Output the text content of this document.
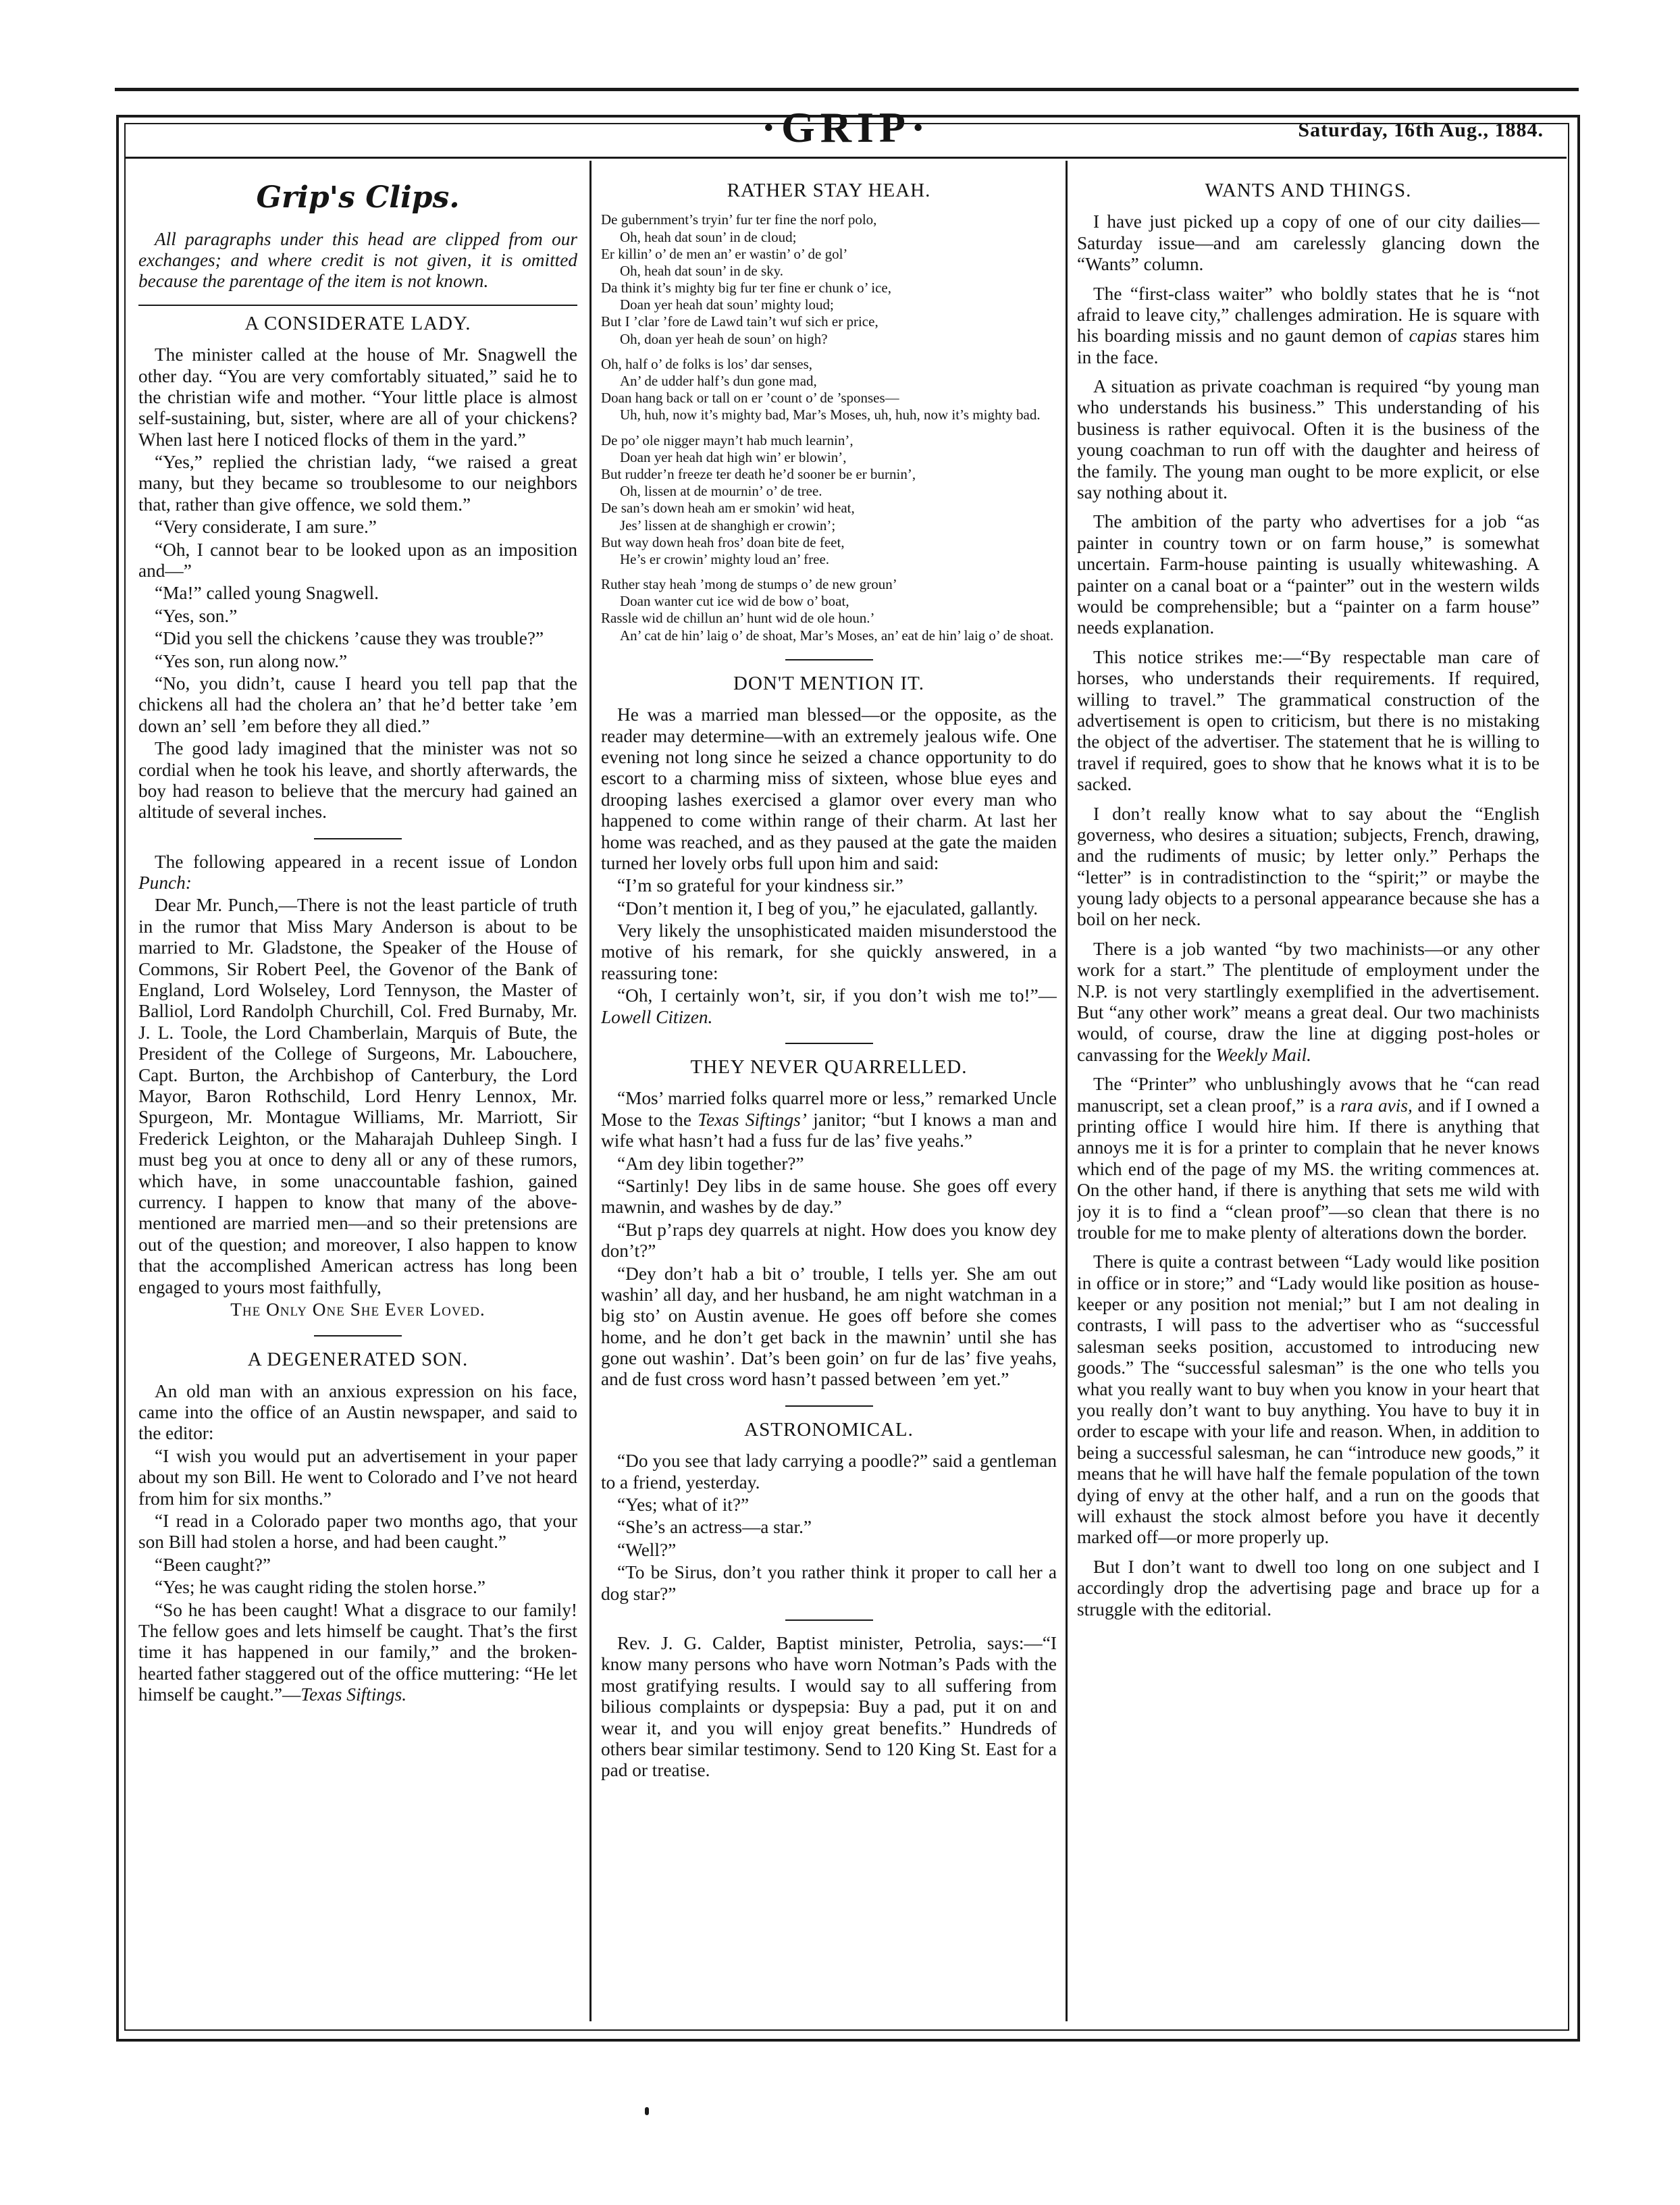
·GRIP·	Saturday, 16th Aug., 1884.
Grip's Clips.

All paragraphs under this head are clipped from our exchanges; and where credit is not given, it is omitted because the parentage of the item is not known.

A CONSIDERATE LADY.

The minister called at the house of Mr. Snagwell the other day. “You are very comfortably situated,” said he to the christian wife and mother. “Your little place is almost self-sustaining, but, sister, where are all of your chickens? When last here I noticed flocks of them in the yard.”

“Yes,” replied the christian lady, “we raised a great many, but they became so troublesome to our neighbors that, rather than give offence, we sold them.”

“Very considerate, I am sure.”

“Oh, I cannot bear to be looked upon as an imposition and—”

“Ma!” called young Snagwell.

“Yes, son.”

“Did you sell the chickens ’cause they was trouble?”

“Yes son, run along now.”

“No, you didn’t, cause I heard you tell pap that the chickens all had the cholera an’ that he’d better take ’em down an’ sell ’em before they all died.”

The good lady imagined that the minister was not so cordial when he took his leave, and shortly afterwards, the boy had reason to believe that the mercury had gained an altitude of several inches.

The following appeared in a recent issue of London Punch:

Dear Mr. Punch,—There is not the least particle of truth in the rumor that Miss Mary Anderson is about to be married to Mr. Gladstone, the Speaker of the House of Commons, Sir Robert Peel, the Govenor of the Bank of England, Lord Wolseley, Lord Tennyson, the Master of Balliol, Lord Randolph Churchill, Col. Fred Burnaby, Mr. J. L. Toole, the Lord Chamberlain, Marquis of Bute, the President of the College of Surgeons, Mr. Labouchere, Capt. Burton, the Archbishop of Canterbury, the Lord Mayor, Baron Rothschild, Lord Henry Lennox, Mr. Spurgeon, Mr. Montague Williams, Mr. Marriott, Sir Frederick Leighton, or the Maharajah Duhleep Singh. I must beg you at once to deny all or any of these rumors, which have, in some unaccountable fashion, gained currency. I happen to know that many of the above-mentioned are married men—and so their pretensions are out of the question; and moreover, I also happen to know that the accomplished American actress has long been engaged to yours most faithfully,

The Only One She Ever Loved.

A DEGENERATED SON.

An old man with an anxious expression on his face, came into the office of an Austin newspaper, and said to the editor:

“I wish you would put an advertisement in your paper about my son Bill. He went to Colorado and I’ve not heard from him for six months.”

“I read in a Colorado paper two months ago, that your son Bill had stolen a horse, and had been caught.”

“Been caught?”

“Yes; he was caught riding the stolen horse.”

“So he has been caught! What a disgrace to our family! The fellow goes and lets himself be caught. That’s the first time it has happened in our family,” and the broken-hearted father staggered out of the office muttering: “He let himself be caught.”—Texas Siftings.

RATHER STAY HEAH.
De gubernment’s tryin’ fur ter fine the norf polo,
Oh, heah dat soun’ in de cloud;
Er killin’ o’ de men an’ er wastin’ o’ de gol’
Oh, heah dat soun’ in de sky.
Da think it’s mighty big fur ter fine er chunk o’ ice,
Doan yer heah dat soun’ mighty loud;
But I ’clar ’fore de Lawd tain’t wuf sich er price,
Oh, doan yer heah de soun’ on high?
Oh, half o’ de folks is los’ dar senses,
An’ de udder half’s dun gone mad,
Doan hang back or tall on er ’count o’ de ’sponses—
Uh, huh, now it’s mighty bad, Mar’s Moses, uh, huh, now it’s mighty bad.
De po’ ole nigger mayn’t hab much learnin’,
Doan yer heah dat high win’ er blowin’,
But rudder’n freeze ter death he’d sooner be er burnin’,
Oh, lissen at de mournin’ o’ de tree.
De san’s down heah am er smokin’ wid heat,
Jes’ lissen at de shanghigh er crowin’;
But way down heah fros’ doan bite de feet,
He’s er crowin’ mighty loud an’ free.
Ruther stay heah ’mong de stumps o’ de new groun’
Doan wanter cut ice wid de bow o’ boat,
Rassle wid de chillun an’ hunt wid de ole houn.’
An’ cat de hin’ laig o’ de shoat, Mar’s Moses, an’ eat de hin’ laig o’ de shoat.
DON'T MENTION IT.

He was a married man blessed—or the opposite, as the reader may determine—with an extremely jealous wife. One evening not long since he seized a chance opportunity to do escort to a charming miss of sixteen, whose blue eyes and drooping lashes exercised a glamor over every man who happened to come within range of their charm. At last her home was reached, and as they paused at the gate the maiden turned her lovely orbs full upon him and said:

“I’m so grateful for your kindness sir.”

“Don’t mention it, I beg of you,” he ejaculated, gallantly.

Very likely the unsophisticated maiden misunderstood the motive of his remark, for she quickly answered, in a reassuring tone:

“Oh, I certainly won’t, sir, if you don’t wish me to!”—Lowell Citizen.

THEY NEVER QUARRELLED.

“Mos’ married folks quarrel more or less,” remarked Uncle Mose to the Texas Siftings’ janitor; “but I knows a man and wife what hasn’t had a fuss fur de las’ five yeahs.”

“Am dey libin together?”

“Sartinly! Dey libs in de same house. She goes off every mawnin, and washes by de day.”

“But p’raps dey quarrels at night. How does you know dey don’t?”

“Dey don’t hab a bit o’ trouble, I tells yer. She am out washin’ all day, and her husband, he am night watchman in a big sto’ on Austin avenue. He goes off before she comes home, and he don’t get back in the mawnin’ until she has gone out washin’. Dat’s been goin’ on fur de las’ five yeahs, and de fust cross word hasn’t passed between ’em yet.”

ASTRONOMICAL.

“Do you see that lady carrying a poodle?” said a gentleman to a friend, yesterday.

“Yes; what of it?”

“She’s an actress—a star.”

“Well?”

“To be Sirus, don’t you rather think it proper to call her a dog star?”

Rev. J. G. Calder, Baptist minister, Petrolia, says:—“I know many persons who have worn Notman’s Pads with the most gratifying results. I would say to all suffering from bilious complaints or dyspepsia: Buy a pad, put it on and wear it, and you will enjoy great benefits.” Hundreds of others bear similar testimony. Send to 120 King St. East for a pad or treatise.

WANTS AND THINGS.

I have just picked up a copy of one of our city dailies—Saturday issue—and am carelessly glancing down the “Wants” column.

The “first-class waiter” who boldly states that he is “not afraid to leave city,” challenges admiration. He is square with his boarding missis and no gaunt demon of capias stares him in the face.

A situation as private coachman is required “by young man who understands his business.” This understanding of his business is rather equivocal. Often it is the business of the young coachman to run off with the daughter and heiress of the family. The young man ought to be more explicit, or else say nothing about it.

The ambition of the party who advertises for a job “as painter in country town or on farm house,” is somewhat uncertain. Farm-house painting is usually whitewashing. A painter on a canal boat or a “painter” out in the western wilds would be comprehensible; but a “painter on a farm house” needs explanation.

This notice strikes me:—“By respectable man care of horses, who understands their requirements. If required, willing to travel.” The grammatical construction of the advertisement is open to criticism, but there is no mistaking the object of the advertiser. The statement that he is willing to travel if required, goes to show that he knows what it is to be sacked.

I don’t really know what to say about the “English governess, who desires a situation; subjects, French, drawing, and the rudiments of music; by letter only.” Perhaps the “letter” is in contradistinction to the “spirit;” or maybe the young lady objects to a personal appearance because she has a boil on her neck.

There is a job wanted “by two machinists—or any other work for a start.” The plentitude of employment under the N.P. is not very startlingly exemplified in the advertisement. But “any other work” means a great deal. Our two machinists would, of course, draw the line at digging post-holes or canvassing for the Weekly Mail.

The “Printer” who unblushingly avows that he “can read manuscript, set a clean proof,” is a rara avis, and if I owned a printing office I would hire him. If there is anything that annoys me it is for a printer to complain that he never knows which end of the page of my MS. the writing commences at. On the other hand, if there is anything that sets me wild with joy it is to find a “clean proof”—so clean that there is no trouble for me to make plenty of alterations down the border.

There is quite a contrast between “Lady would like position in office or in store;” and “Lady would like position as house-keeper or any position not menial;” but I am not dealing in contrasts, I will pass to the advertiser who as “successful salesman seeks position, accustomed to introducing new goods.” The “successful salesman” is the one who tells you what you really want to buy when you know in your heart that you really don’t want to buy anything. You have to buy it in order to escape with your life and reason. When, in addition to being a successful salesman, he can “introduce new goods,” it means that he will have half the female population of the town dying of envy at the other half, and a run on the goods that will exhaust the stock almost before you have it decently marked off—or more properly up.

But I don’t want to dwell too long on one subject and I accordingly drop the advertising page and brace up for a struggle with the editorial.
